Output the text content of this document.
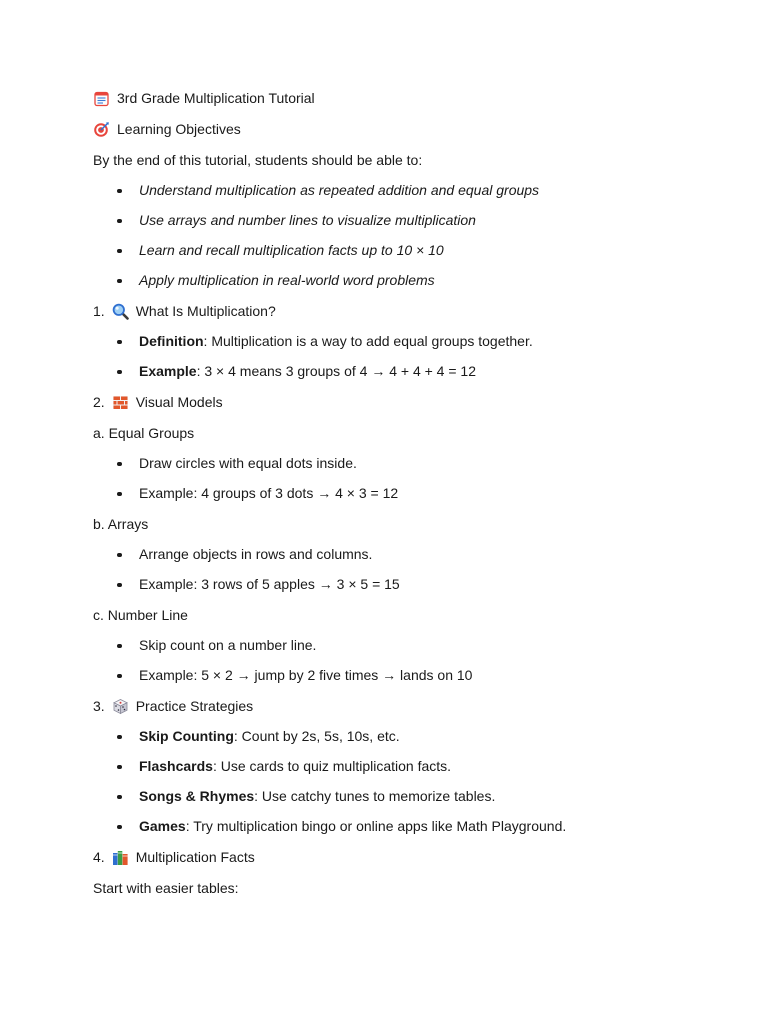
3rd Grade Multiplication Tutorial

Learning Objectives

By the end of this tutorial, students should be able to:

Understand multiplication as repeated addition and equal groups
Use arrays and number lines to visualize multiplication
Learn and recall multiplication facts up to 10 × 10
Apply multiplication in real-world word problems

1. What Is Multiplication?

Definition : Multiplication is a way to add equal groups together.
Example : 3 × 4 means 3 groups of 4 → 4 + 4 + 4 = 12

2. Visual Models

a. Equal Groups

Draw circles with equal dots inside.
Example: 4 groups of 3 dots → 4 × 3 = 12

b. Arrays

Arrange objects in rows and columns.
Example: 3 rows of 5 apples → 3 × 5 = 15

c. Number Line

Skip count on a number line.
Example: 5 × 2 → jump by 2 five times → lands on 10

3. Practice Strategies

Skip Counting : Count by 2s, 5s, 10s, etc.
Flashcards : Use cards to quiz multiplication facts.
Songs & Rhymes : Use catchy tunes to memorize tables.
Games : Try multiplication bingo or online apps like Math Playground.

4. Multiplication Facts

Start with easier tables:
